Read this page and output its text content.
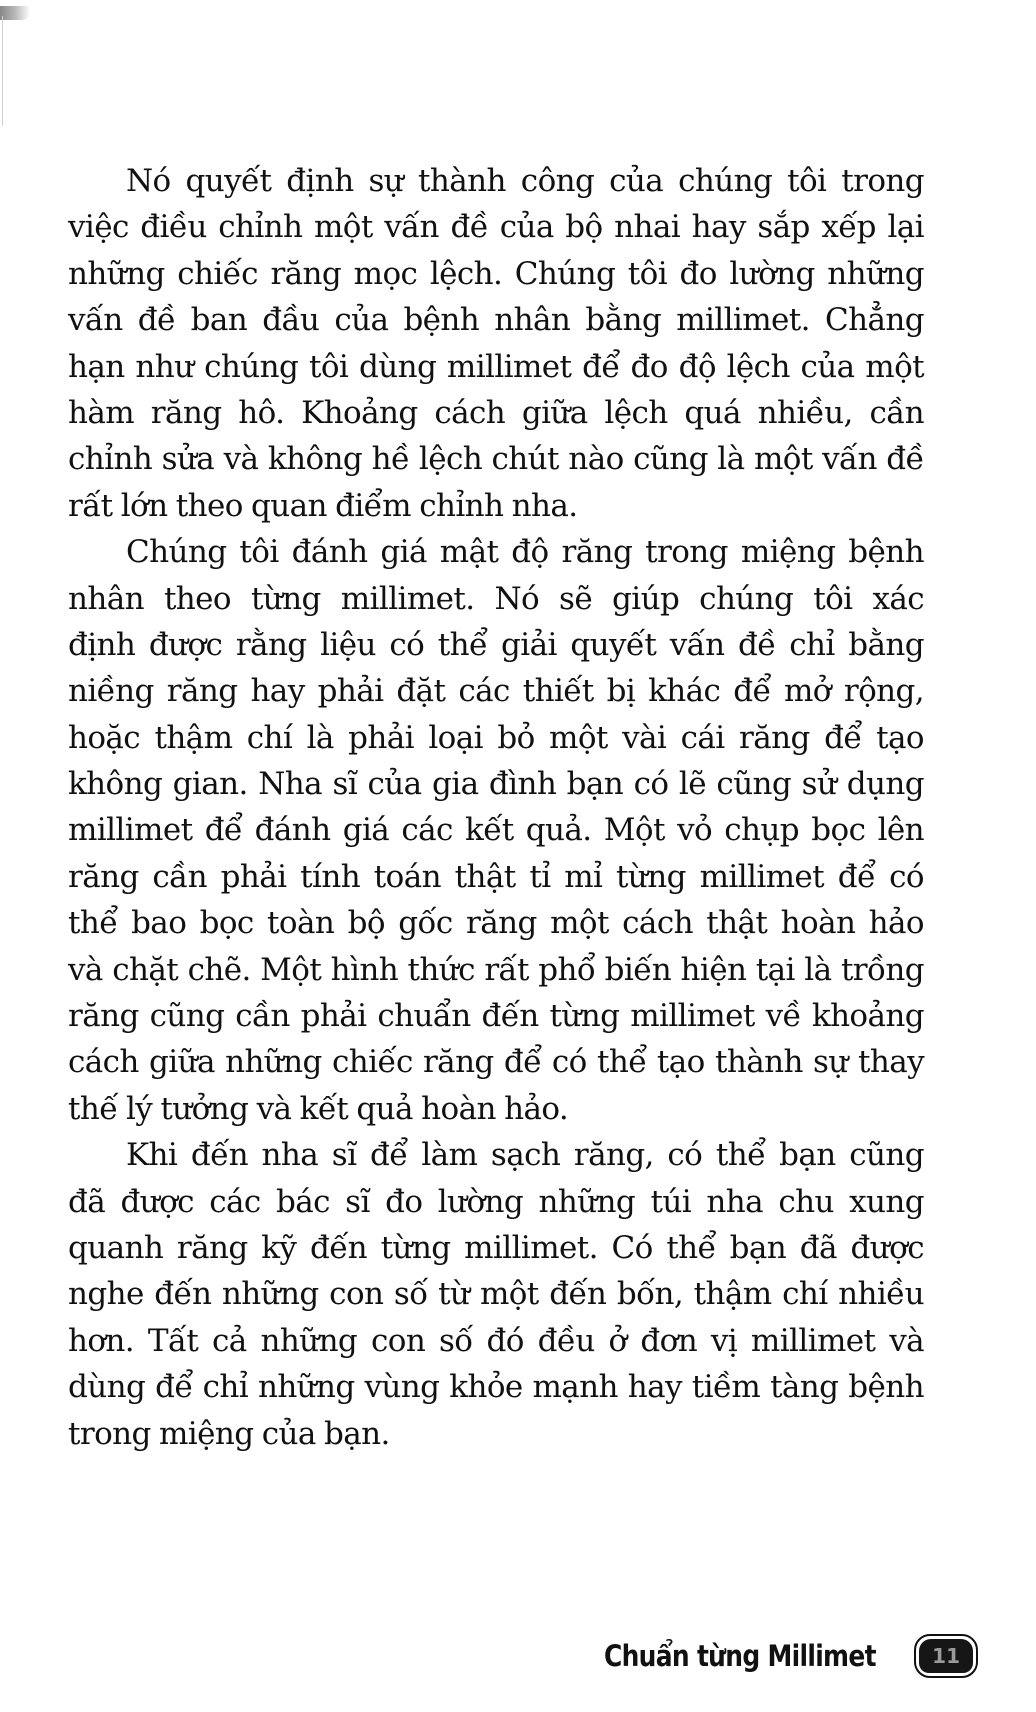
Nó quyết định sự thành công của chúng tôi trong
việc điều chỉnh một vấn đề của bộ nhai hay sắp xếp lại
những chiếc răng mọc lệch. Chúng tôi đo lường những
vấn đề ban đầu của bệnh nhân bằng millimet. Chẳng
hạn như chúng tôi dùng millimet để đo độ lệch của một
hàm răng hô. Khoảng cách giữa lệch quá nhiều, cần
chỉnh sửa và không hề lệch chút nào cũng là một vấn đề
rất lớn theo quan điểm chỉnh nha.
Chúng tôi đánh giá mật độ răng trong miệng bệnh
nhân theo từng millimet. Nó sẽ giúp chúng tôi xác
định được rằng liệu có thể giải quyết vấn đề chỉ bằng
niềng răng hay phải đặt các thiết bị khác để mở rộng,
hoặc thậm chí là phải loại bỏ một vài cái răng để tạo
không gian. Nha sĩ của gia đình bạn có lẽ cũng sử dụng
millimet để đánh giá các kết quả. Một vỏ chụp bọc lên
răng cần phải tính toán thật tỉ mỉ từng millimet để có
thể bao bọc toàn bộ gốc răng một cách thật hoàn hảo
và chặt chẽ. Một hình thức rất phổ biến hiện tại là trồng
răng cũng cần phải chuẩn đến từng millimet về khoảng
cách giữa những chiếc răng để có thể tạo thành sự thay
thế lý tưởng và kết quả hoàn hảo.
Khi đến nha sĩ để làm sạch răng, có thể bạn cũng
đã được các bác sĩ đo lường những túi nha chu xung
quanh răng kỹ đến từng millimet. Có thể bạn đã được
nghe đến những con số từ một đến bốn, thậm chí nhiều
hơn. Tất cả những con số đó đều ở đơn vị millimet và
dùng để chỉ những vùng khỏe mạnh hay tiềm tàng bệnh
trong miệng của bạn.
Chuẩn từng Millimet	11
